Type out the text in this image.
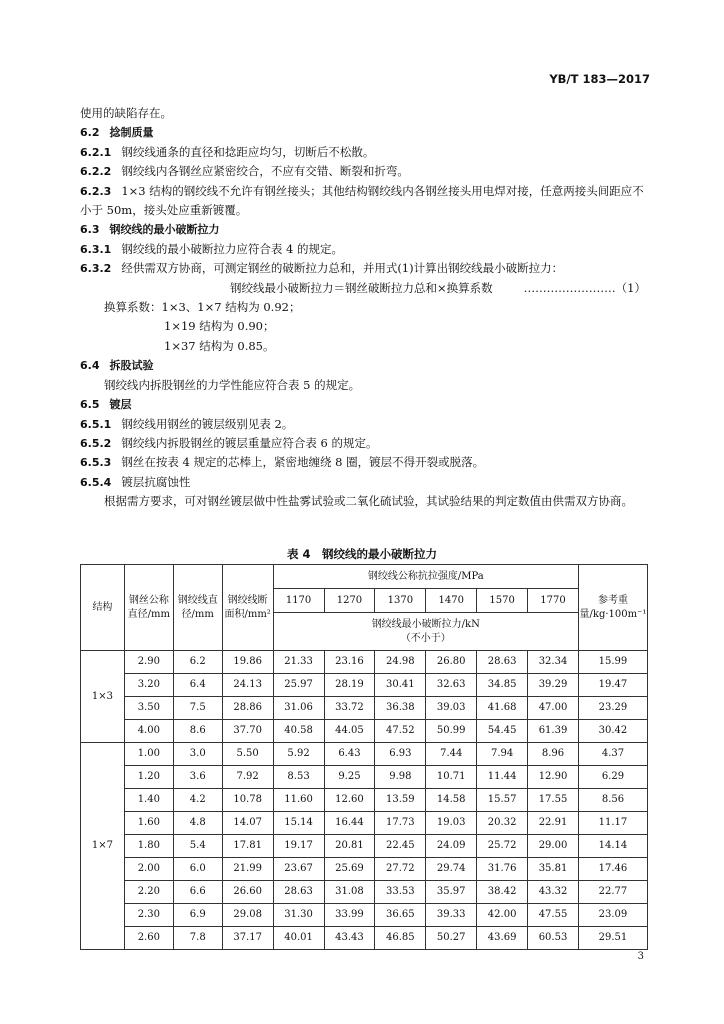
YB/T 183—2017

使用的缺陷存在。

6.2 捻制质量

6.2.1 钢绞线通条的直径和捻距应均匀，切断后不松散。

6.2.2 钢绞线内各钢丝应紧密绞合，不应有交错、断裂和折弯。

6.2.3 1×3 结构的钢绞线不允许有钢丝接头；其他结构钢绞线内各钢丝接头用电焊对接，任意两接头间距应不小于 50m，接头处应重新镀覆。

6.3 钢绞线的最小破断拉力

6.3.1 钢绞线的最小破断拉力应符合表 4 的规定。

6.3.2 经供需双方协商，可测定钢丝的破断拉力总和，并用式(1)计算出钢绞线最小破断拉力：

钢绞线最小破断拉力＝钢丝破断拉力总和×换算系数	……………………（1）

换算系数：1×3、1×7 结构为 0.92；

1×19 结构为 0.90；

1×37 结构为 0.85。

6.4 拆股试验

钢绞线内拆股钢丝的力学性能应符合表 5 的规定。

6.5 镀层

6.5.1 钢绞线用钢丝的镀层级别见表 2。

6.5.2 钢绞线内拆股钢丝的镀层重量应符合表 6 的规定。

6.5.3 钢丝在按表 4 规定的芯棒上，紧密地缠绕 8 圈，镀层不得开裂或脱落。

6.5.4 镀层抗腐蚀性

根据需方要求，可对钢丝镀层做中性盐雾试验或二氧化硫试验，其试验结果的判定数值由供需双方协商。

表 4　钢绞线的最小破断拉力
结构	钢丝公称直径/mm	钢绞线直径/mm	钢绞线断面积/mm²	钢绞线公称抗拉强度/MPa						参考重量/kg·100m⁻¹
				1170	1270	1370	1470	1570	1770	
				钢绞线最小破断拉力/kN
（不小于）						
1×3	2.90	6.2	19.86	21.33	23.16	24.98	26.80	28.63	32.34	15.99
	3.20	6.4	24.13	25.97	28.19	30.41	32.63	34.85	39.29	19.47
	3.50	7.5	28.86	31.06	33.72	36.38	39.03	41.68	47.00	23.29
	4.00	8.6	37.70	40.58	44.05	47.52	50.99	54.45	61.39	30.42
1×7	1.00	3.0	5.50	5.92	6.43	6.93	7.44	7.94	8.96	4.37
	1.20	3.6	7.92	8.53	9.25	9.98	10.71	11.44	12.90	6.29
	1.40	4.2	10.78	11.60	12.60	13.59	14.58	15.57	17.55	8.56
	1.60	4.8	14.07	15.14	16.44	17.73	19.03	20.32	22.91	11.17
	1.80	5.4	17.81	19.17	20.81	22.45	24.09	25.72	29.00	14.14
	2.00	6.0	21.99	23.67	25.69	27.72	29.74	31.76	35.81	17.46
	2.20	6.6	26.60	28.63	31.08	33.53	35.97	38.42	43.32	22.77
	2.30	6.9	29.08	31.30	33.99	36.65	39.33	42.00	47.55	23.09
	2.60	7.8	37.17	40.01	43.43	46.85	50.27	43.69	60.53	29.51
3
